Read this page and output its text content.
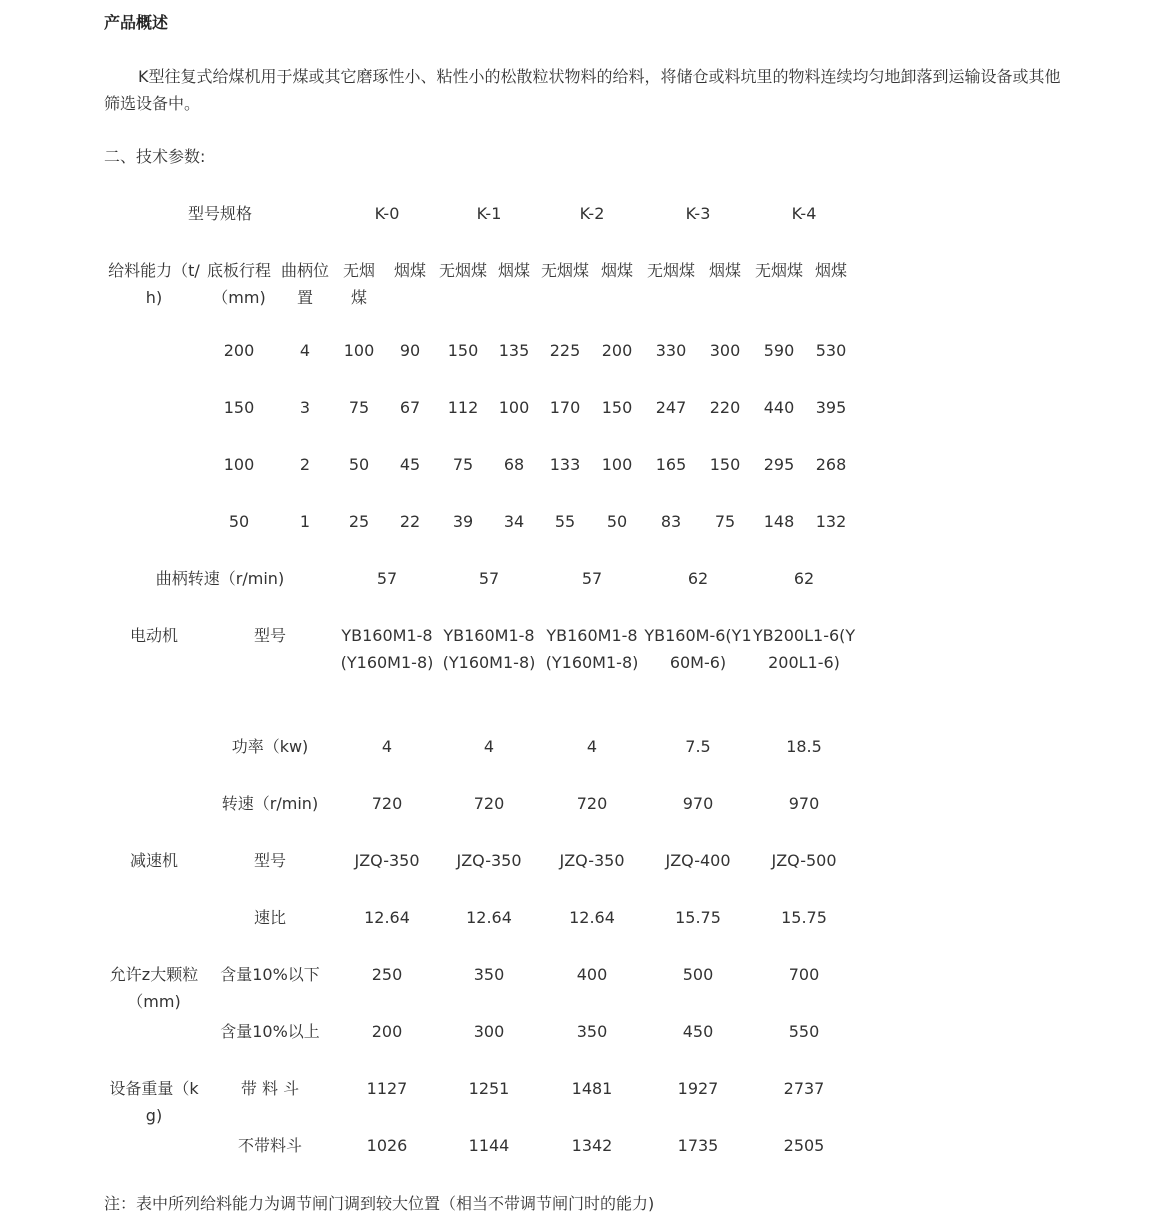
产品概述

K型往复式给煤机用于煤或其它磨琢性小、粘性小的松散粒状物料的给料，将储仓或料坑里的物料连续均匀地卸落到运输设备或其他筛选设备中。

二、技术参数:
型号规格			K-0		K-1		K-2		K-3		K-4	
给料能力（t/h)	底板行程（mm)	曲柄位置	无烟煤	烟煤	无烟煤	烟煤	无烟煤	烟煤	无烟煤	烟煤	无烟煤	烟煤
	200	4	100	90	150	135	225	200	330	300	590	530
	150	3	75	67	112	100	170	150	247	220	440	395
	100	2	50	45	75	68	133	100	165	150	295	268
	50	1	25	22	39	34	55	50	83	75	148	132
曲柄转速（r/min)			57		57		57		62		62	
电动机	型号		YB160M1-8(Y160M1-8)		YB160M1-8(Y160M1-8)		YB160M1-8(Y160M1-8)		YB160M-6(Y160M-6)		YB200L1-6(Y200L1-6)	
	功率（kw)		4		4		4		7.5		18.5	
	转速（r/min)		720		720		720		970		970	
减速机	型号		JZQ-350		JZQ-350		JZQ-350		JZQ-400		JZQ-500	
	速比		12.64		12.64		12.64		15.75		15.75	
允许z大颗粒（mm)	含量10%以下		250		350		400		500		700	
	含量10%以上		200		300		350		450		550	
设备重量（kg)	带 料 斗		1127		1251		1481		1927		2737	
	不带料斗		1026		1144		1342		1735		2505	
注：表中所列给料能力为调节闸门调到较大位置（相当不带调节闸门时的能力)
